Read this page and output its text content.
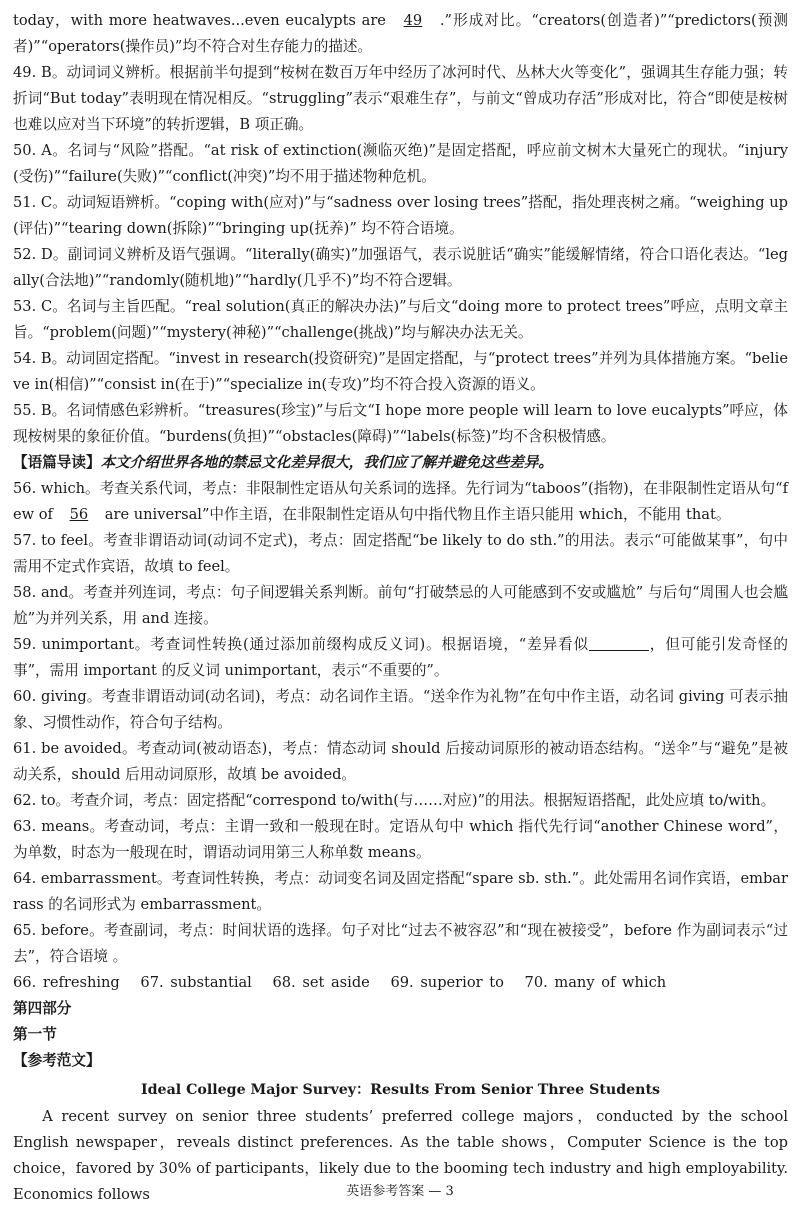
today，with more heatwaves...even eucalypts are 49 .”形成对比。“creators(创造者)”“predictors(预测者)”“operators(操作员)”均不符合对生存能力的描述。
49. B。动词词义辨析。根据前半句提到“桉树在数百万年中经历了冰河时代、丛林大火等变化”，强调其生存能力强；转折词“But today”表明现在情况相反。“struggling”表示“艰难生存”，与前文“曾成功存活”形成对比，符合“即使是桉树也难以应对当下环境”的转折逻辑，B 项正确。
50. A。名词与“风险”搭配。“at risk of extinction(濒临灭绝)”是固定搭配，呼应前文树木大量死亡的现状。“injury(受伤)”“failure(失败)”“conflict(冲突)”均不用于描述物种危机。
51. C。动词短语辨析。“coping with(应对)”与“sadness over losing trees”搭配，指处理丧树之痛。“weighing up(评估)”“tearing down(拆除)”“bringing up(抚养)” 均不符合语境。
52. D。副词词义辨析及语气强调。“literally(确实)”加强语气，表示说脏话“确实”能缓解情绪，符合口语化表达。“legally(合法地)”“randomly(随机地)”“hardly(几乎不)”均不符合逻辑。
53. C。名词与主旨匹配。“real solution(真正的解决办法)”与后文“doing more to protect trees”呼应，点明文章主旨。“problem(问题)”“mystery(神秘)”“challenge(挑战)”均与解决办法无关。
54. B。动词固定搭配。“invest in research(投资研究)”是固定搭配，与“protect trees”并列为具体措施方案。“believe in(相信)”“consist in(在于)”“specialize in(专攻)”均不符合投入资源的语义。
55. B。名词情感色彩辨析。“treasures(珍宝)”与后文“I hope more people will learn to love eucalypts”呼应，体现桉树果的象征价值。“burdens(负担)”“obstacles(障碍)”“labels(标签)”均不含积极情感。
【语篇导读】本文介绍世界各地的禁忌文化差异很大，我们应了解并避免这些差异。
56. which。考查关系代词，考点：非限制性定语从句关系词的选择。先行词为“taboos”(指物)，在非限制性定语从句“few of 56 are universal”中作主语，在非限制性定语从句中指代物且作主语只能用 which，不能用 that。
57. to feel。考查非谓语动词(动词不定式)，考点：固定搭配“be likely to do sth.”的用法。表示“可能做某事”，句中需用不定式作宾语，故填 to feel。
58. and。考查并列连词，考点：句子间逻辑关系判断。前句“打破禁忌的人可能感到不安或尴尬” 与后句“周围人也会尴尬”为并列关系，用 and 连接。
59. unimportant。考查词性转换(通过添加前缀构成反义词)。根据语境，“差异看似	，但可能引发奇怪的事”，需用 important 的反义词 unimportant，表示“不重要的”。
60. giving。考查非谓语动词(动名词)，考点：动名词作主语。“送伞作为礼物”在句中作主语，动名词 giving 可表示抽象、习惯性动作，符合句子结构。
61. be avoided。考查动词(被动语态)，考点：情态动词 should 后接动词原形的被动语态结构。“送伞”与“避免”是被动关系，should 后用动词原形，故填 be avoided。
62. to。考查介词，考点：固定搭配“correspond to/with(与……对应)”的用法。根据短语搭配，此处应填 to/with。
63. means。考查动词，考点：主谓一致和一般现在时。定语从句中 which 指代先行词“another Chinese word”，为单数，时态为一般现在时，谓语动词用第三人称单数 means。
64. embarrassment。考查词性转换，考点：动词变名词及固定搭配“spare sb. sth.”。此处需用名词作宾语，embarrass 的名词形式为 embarrassment。
65. before。考查副词，考点：时间状语的选择。句子对比“过去不被容忍”和“现在被接受”，before 作为副词表示“过去”，符合语境 。
66. refreshing 67. substantial 68. set aside 69. superior to 70. many of which
第四部分
第一节
【参考范文】
Ideal College Major Survey：Results From Senior Three Students
A recent survey on senior three students’ preferred college majors，conducted by the school English newspaper，reveals distinct preferences. As the table shows，Computer Science is the top choice，favored by 30% of participants，likely due to the booming tech industry and high employability. Economics follows	英语参考答案 — 3
